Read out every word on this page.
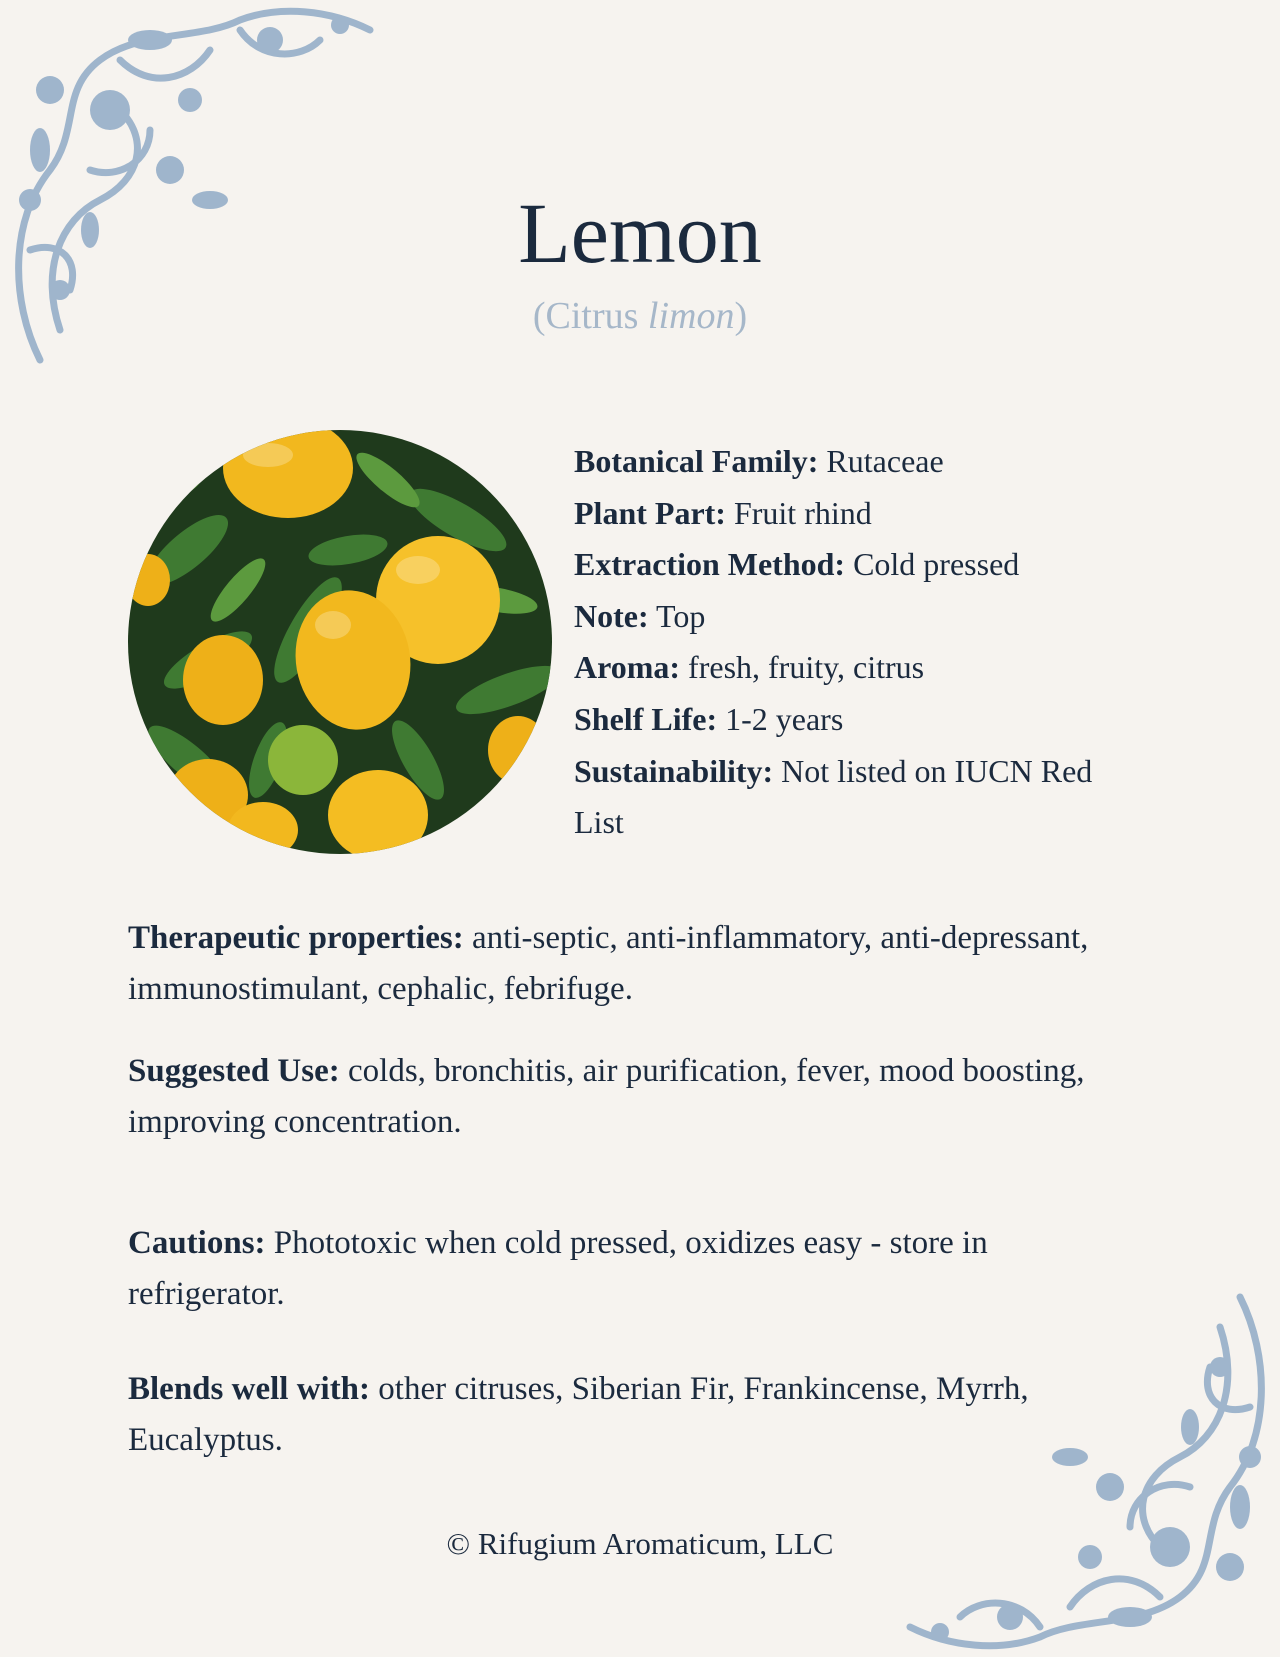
Lemon
(Citrus limon)

Botanical Family: Rutaceae

Plant Part: Fruit rhind

Extraction Method: Cold pressed

Note: Top

Aroma: fresh, fruity, citrus

Shelf Life: 1-2 years

Sustainability: Not listed on IUCN Red List

Therapeutic properties: anti-septic, anti-inflammatory, anti-depressant, immunostimulant, cephalic, febrifuge.

Suggested Use: colds, bronchitis, air purification, fever, mood boosting, improving concentration.

Cautions: Phototoxic when cold pressed, oxidizes easy - store in refrigerator.

Blends well with: other citruses, Siberian Fir, Frankincense, Myrrh, Eucalyptus.

© Rifugium Aromaticum, LLC
